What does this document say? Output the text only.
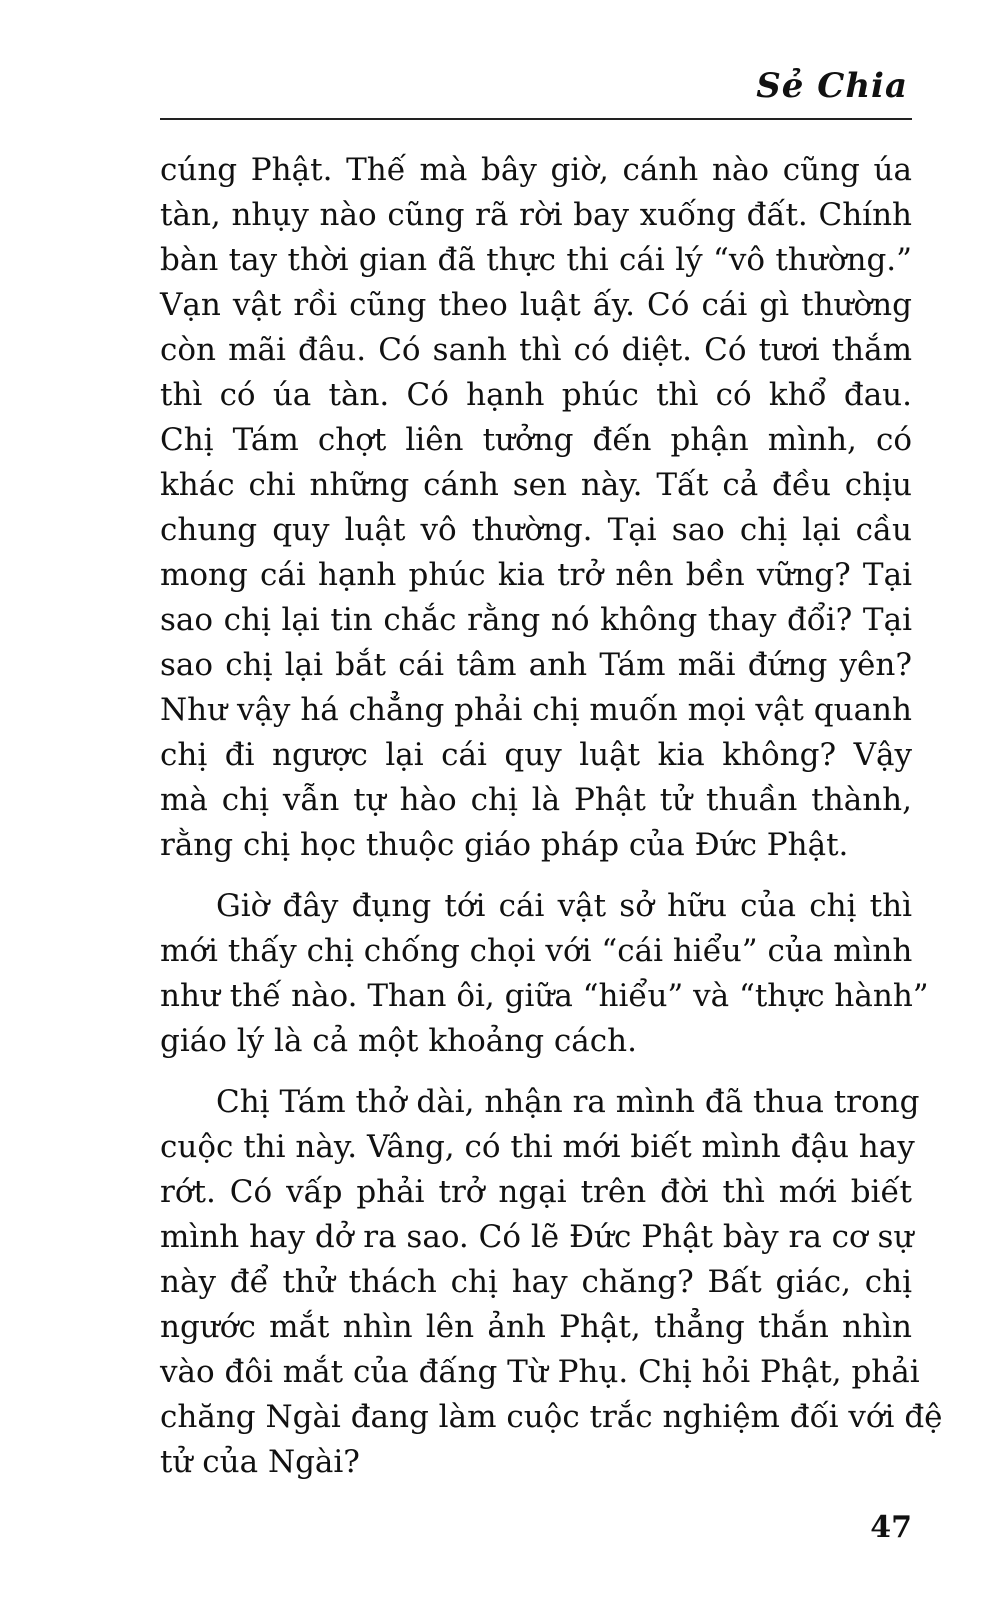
Sẻ Chia

cúng Phật. Thế mà bây giờ, cánh nào cũng úa
tàn, nhụy nào cũng rã rời bay xuống đất. Chính
bàn tay thời gian đã thực thi cái lý “vô thường.”
Vạn vật rồi cũng theo luật ấy. Có cái gì thường
còn mãi đâu. Có sanh thì có diệt. Có tươi thắm
thì có úa tàn. Có hạnh phúc thì có khổ đau.
Chị Tám chợt liên tưởng đến phận mình, có
khác chi những cánh sen này. Tất cả đều chịu
chung quy luật vô thường. Tại sao chị lại cầu
mong cái hạnh phúc kia trở nên bền vững? Tại
sao chị lại tin chắc rằng nó không thay đổi? Tại
sao chị lại bắt cái tâm anh Tám mãi đứng yên?
Như vậy há chẳng phải chị muốn mọi vật quanh
chị đi ngược lại cái quy luật kia không? Vậy
mà chị vẫn tự hào chị là Phật tử thuần thành,
rằng chị học thuộc giáo pháp của Đức Phật.

Giờ đây đụng tới cái vật sở hữu của chị thì
mới thấy chị chống chọi với “cái hiểu” của mình
như thế nào. Than ôi, giữa “hiểu” và “thực hành”
giáo lý là cả một khoảng cách.

Chị Tám thở dài, nhận ra mình đã thua trong
cuộc thi này. Vâng, có thi mới biết mình đậu hay
rớt. Có vấp phải trở ngại trên đời thì mới biết
mình hay dở ra sao. Có lẽ Đức Phật bày ra cơ sự
này để thử thách chị hay chăng? Bất giác, chị
ngước mắt nhìn lên ảnh Phật, thẳng thắn nhìn
vào đôi mắt của đấng Từ Phụ. Chị hỏi Phật, phải
chăng Ngài đang làm cuộc trắc nghiệm đối với đệ
tử của Ngài?

47
